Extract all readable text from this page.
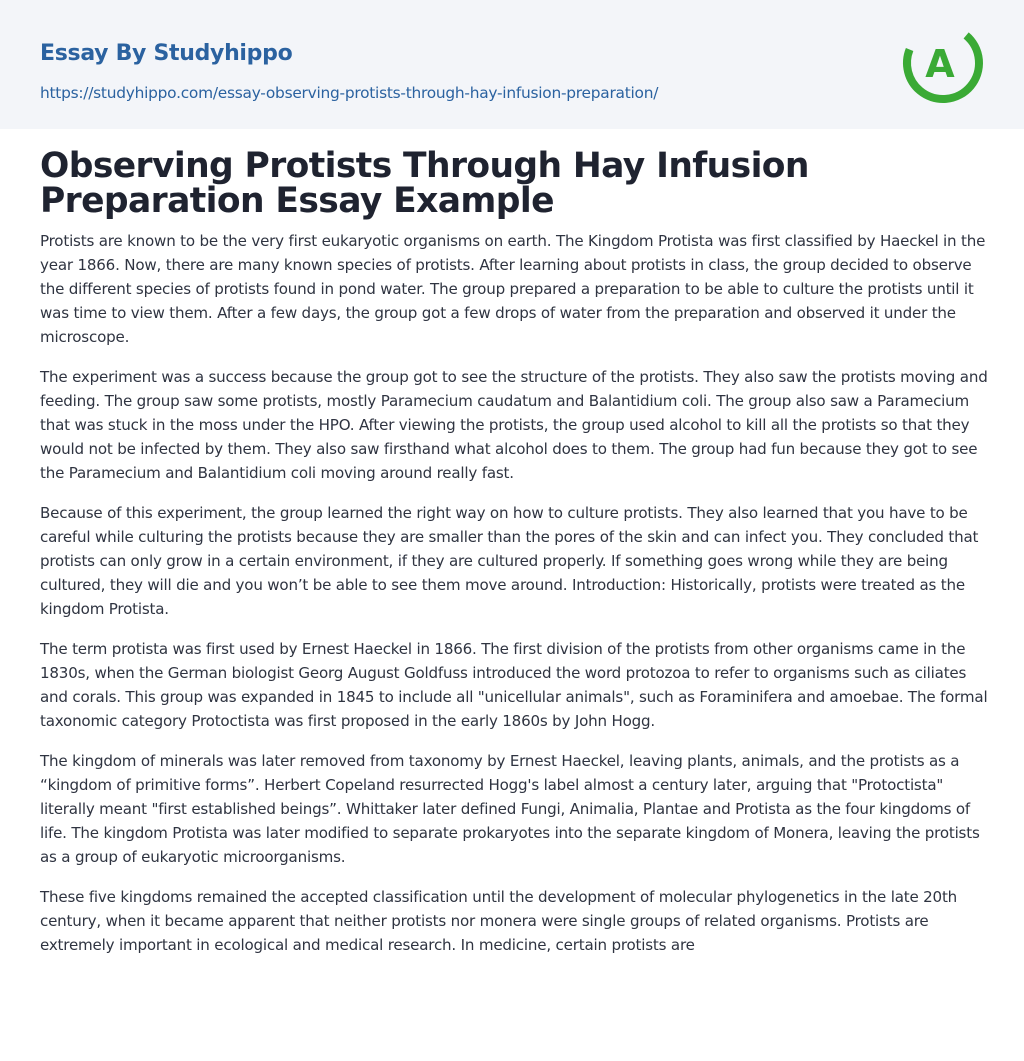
Essay By Studyhippo
https://studyhippo.com/essay-observing-protists-through-hay-infusion-preparation/
A
Observing Protists Through Hay Infusion Preparation Essay Example

Protists are known to be the very first eukaryotic organisms on earth. The Kingdom Protista was first classified by Haeckel in the year 1866. Now, there are many known species of protists. After learning about protists in class, the group decided to observe the different species of protists found in pond water. The group prepared a preparation to be able to culture the protists until it was time to view them. After a few days, the group got a few drops of water from the preparation and observed it under the microscope.

The experiment was a success because the group got to see the structure of the protists. They also saw the protists moving and feeding. The group saw some protists, mostly Paramecium caudatum and Balantidium coli. The group also saw a Paramecium that was stuck in the moss under the HPO. After viewing the protists, the group used alcohol to kill all the protists so that they would not be infected by them. They also saw firsthand what alcohol does to them. The group had fun because they got to see the Paramecium and Balantidium coli moving around really fast.

Because of this experiment, the group learned the right way on how to culture protists. They also learned that you have to be careful while culturing the protists because they are smaller than the pores of the skin and can infect you. They concluded that protists can only grow in a certain environment, if they are cultured properly. If something goes wrong while they are being cultured, they will die and you won’t be able to see them move around. Introduction: Historically, protists were treated as the kingdom Protista.

The term protista was first used by Ernest Haeckel in 1866. The first division of the protists from other organisms came in the 1830s, when the German biologist Georg August Goldfuss introduced the word protozoa to refer to organisms such as ciliates and corals. This group was expanded in 1845 to include all "unicellular animals", such as Foraminifera and amoebae. The formal taxonomic category Protoctista was first proposed in the early 1860s by John Hogg.

The kingdom of minerals was later removed from taxonomy by Ernest Haeckel, leaving plants, animals, and the protists as a “kingdom of primitive forms”. Herbert Copeland resurrected Hogg's label almost a century later, arguing that "Protoctista" literally meant "first established beings”. Whittaker later defined Fungi, Animalia, Plantae and Protista as the four kingdoms of life. The kingdom Protista was later modified to separate prokaryotes into the separate kingdom of Monera, leaving the protists as a group of eukaryotic microorganisms.

These five kingdoms remained the accepted classification until the development of molecular phylogenetics in the late 20th century, when it became apparent that neither protists nor monera were single groups of related organisms. Protists are extremely important in ecological and medical research. In medicine, certain protists are
